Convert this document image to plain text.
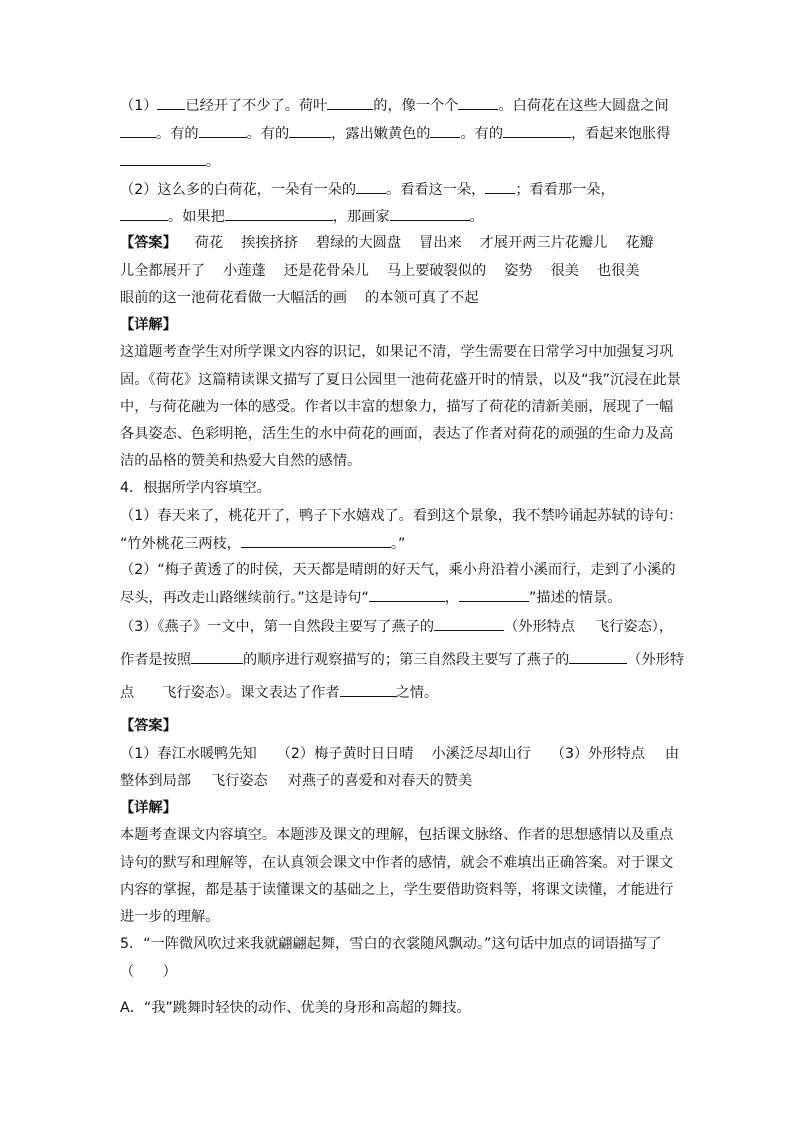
（1） 已经开了不少了。荷叶	的，像一个个	。白荷花在这些大圆盘之间
。有的	。有的	，露出嫩黄色的 。有的	，看起来饱胀得
。
（2）这么多的白荷花，一朵有一朵的 。看看这一朵， ；看看那一朵，
。如果把	，那画家	。
【答案】 荷花 挨挨挤挤 碧绿的大圆盘 冒出来 才展开两三片花瓣儿 花瓣
儿全都展开了 小莲蓬 还是花骨朵儿 马上要破裂似的 姿势 很美 也很美
眼前的这一池荷花看做一大幅活的画 的本领可真了不起
【详解】
这道题考查学生对所学课文内容的识记，如果记不清，学生需要在日常学习中加强复习巩
固。《荷花》这篇精读课文描写了夏日公园里一池荷花盛开时的情景，以及“我”沉浸在此景
中，与荷花融为一体的感受。作者以丰富的想象力，描写了荷花的清新美丽，展现了一幅
各具姿态、色彩明艳，活生生的水中荷花的画面，表达了作者对荷花的顽强的生命力及高
洁的品格的赞美和热爱大自然的感情。
4．根据所学内容填空。
（1）春天来了，桃花开了，鸭子下水嬉戏了。看到这个景象，我不禁吟诵起苏轼的诗句：
“竹外桃花三两枝，	。”
（2）“梅子黄透了的时侯，天天都是晴朗的好天气，乘小舟沿着小溪而行，走到了小溪的
尽头，再改走山路继续前行。”这是诗句“	，	”描述的情景。
（3）《燕子》一文中，第一自然段主要写了燕子的	（外形特点 飞行姿态），
作者是按照	的顺序进行观察描写的；第三自然段主要写了燕子的	（外形特
点 飞行姿态）。课文表达了作者	之情。
【答案】
（1）春江水暖鸭先知 （2）梅子黄时日日晴 小溪泛尽却山行 （3）外形特点 由
整体到局部 飞行姿态 对燕子的喜爱和对春天的赞美
【详解】
本题考查课文内容填空。本题涉及课文的理解，包括课文脉络、作者的思想感情以及重点
诗句的默写和理解等，在认真领会课文中作者的感情，就会不难填出正确答案。对于课文
内容的掌握，都是基于读懂课文的基础之上，学生要借助资料等，将课文读懂，才能进行
进一步的理解。
5．“一阵微风吹过来我就翩翩起舞，雪白的衣裳随风飘动。”这句话中加点的词语描写了
（　　）
A．“我”跳舞时轻快的动作、优美的身形和高超的舞技。
